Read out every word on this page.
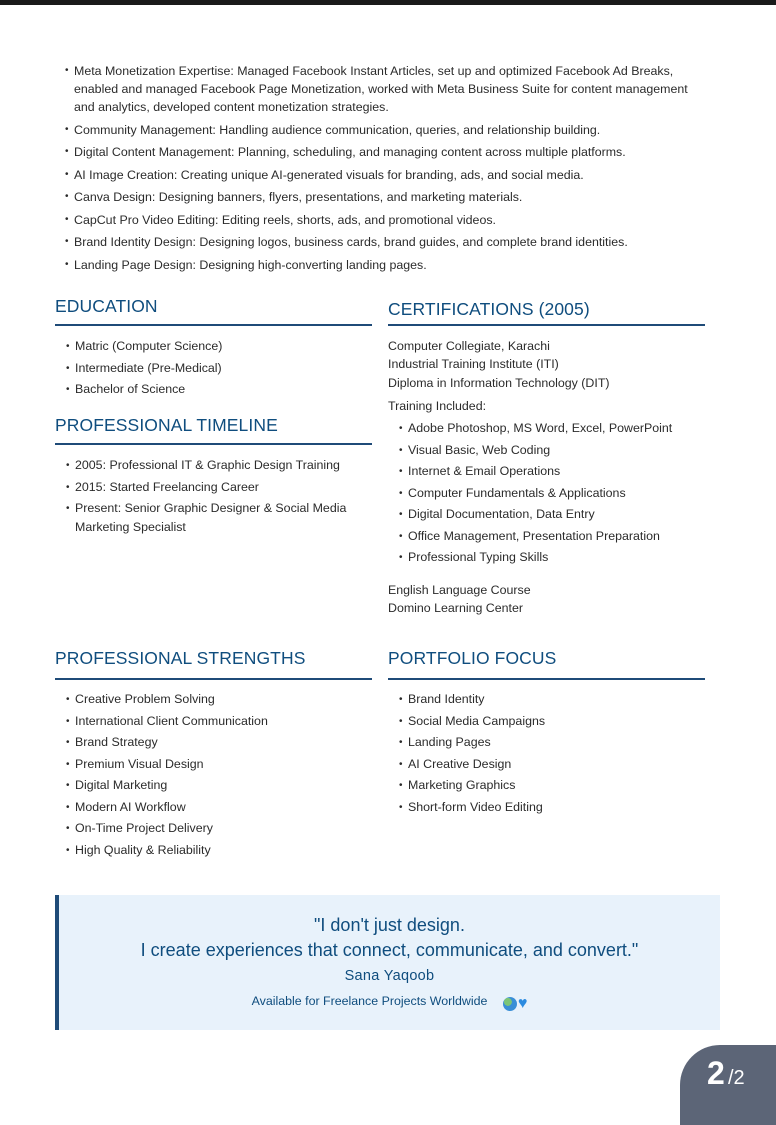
• Meta Monetization Expertise: Managed Facebook Instant Articles, set up and optimized Facebook Ad Breaks, enabled and managed Facebook Page Monetization, worked with Meta Business Suite for content management and analytics, developed content monetization strategies.
• Community Management: Handling audience communication, queries, and relationship building.
• Digital Content Management: Planning, scheduling, and managing content across multiple platforms.
• AI Image Creation: Creating unique AI-generated visuals for branding, ads, and social media.
• Canva Design: Designing banners, flyers, presentations, and marketing materials.
• CapCut Pro Video Editing: Editing reels, shorts, ads, and promotional videos.
• Brand Identity Design: Designing logos, business cards, brand guides, and complete brand identities.
• Landing Page Design: Designing high-converting landing pages.
EDUCATION
• Matric (Computer Science)
• Intermediate (Pre-Medical)
• Bachelor of Science
PROFESSIONAL TIMELINE
• 2005: Professional IT & Graphic Design Training
• 2015: Started Freelancing Career
• Present: Senior Graphic Designer & Social Media Marketing Specialist
CERTIFICATIONS (2005)
Computer Collegiate, Karachi
Industrial Training Institute (ITI)
Diploma in Information Technology (DIT)
Training Included:
• Adobe Photoshop, MS Word, Excel, PowerPoint
• Visual Basic, Web Coding
• Internet & Email Operations
• Computer Fundamentals & Applications
• Digital Documentation, Data Entry
• Office Management, Presentation Preparation
• Professional Typing Skills
English Language Course
Domino Learning Center
PROFESSIONAL STRENGTHS
• Creative Problem Solving
• International Client Communication
• Brand Strategy
• Premium Visual Design
• Digital Marketing
• Modern AI Workflow
• On-Time Project Delivery
• High Quality & Reliability
PORTFOLIO FOCUS
• Brand Identity
• Social Media Campaigns
• Landing Pages
• AI Creative Design
• Marketing Graphics
• Short-form Video Editing
"I don't just design.
I create experiences that connect, communicate, and convert."
Sana Yaqoob
Available for Freelance Projects Worldwide ♥
2 /2
